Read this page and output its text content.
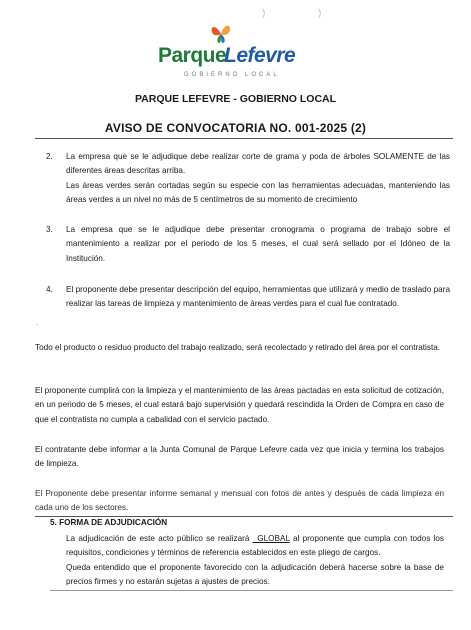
)	)
Parque
Lefevre
GOBIERNO LOCAL
PARQUE LEFEVRE - GOBIERNO LOCAL
AVISO DE CONVOCATORIA NO. 001-2025 (2)
2.	La empresa que se le adjudique debe realizar corte de grama y poda de árboles SOLAMENTE de las diferentes áreas descritas arriba.
Las áreas verdes serán cortadas según su especie con las herramientas adecuadas, manteniendo las áreas verdes a un nivel no más de 5 centímetros de su momento de crecimiento
3.	La empresa que se le adjudique debe presentar cronograma o programa de trabajo sobre el mantenimiento a realizar por el periodo de los 5 meses, el cual será sellado por el Idóneo de la Institución.
4.	El proponente debe presentar descripción del equipo, herramientas que utilizará y medio de traslado para realizar las tareas de limpieza y mantenimiento de áreas verdes para el cual fue contratado.
·
Todo el producto o residuo producto del trabajo realizado, será recolectado y retirado del área por el contratista.
El proponente cumplirá con la limpieza y el mantenimiento de las áreas pactadas en esta solicitud de cotización, en un periodo de 5 meses, el cual estará bajo supervisión y quedará rescindida la Orden de Compra en caso de que el contratista no cumpla a cabalidad con el servicio pactado.
El contratante debe informar a la Junta Comunal de Parque Lefevre cada vez que inicia y termina los trabajos de limpieza.
El Proponente debe presentar informe semanal y mensual con fotos de antes y después de cada limpieza en cada uno de los sectores.
5. FORMA DE ADJUDICACIÓN
La adjudicación de este acto público se realizará _GLOBAL al proponente que cumpla con todos los requisitos, condiciones y términos de referencia establecidos en este pliego de cargos.
Queda entendido que el proponente favorecido con la adjudicación deberá hacerse sobre la base de precios firmes y no estarán sujetas a ajustes de precios.
